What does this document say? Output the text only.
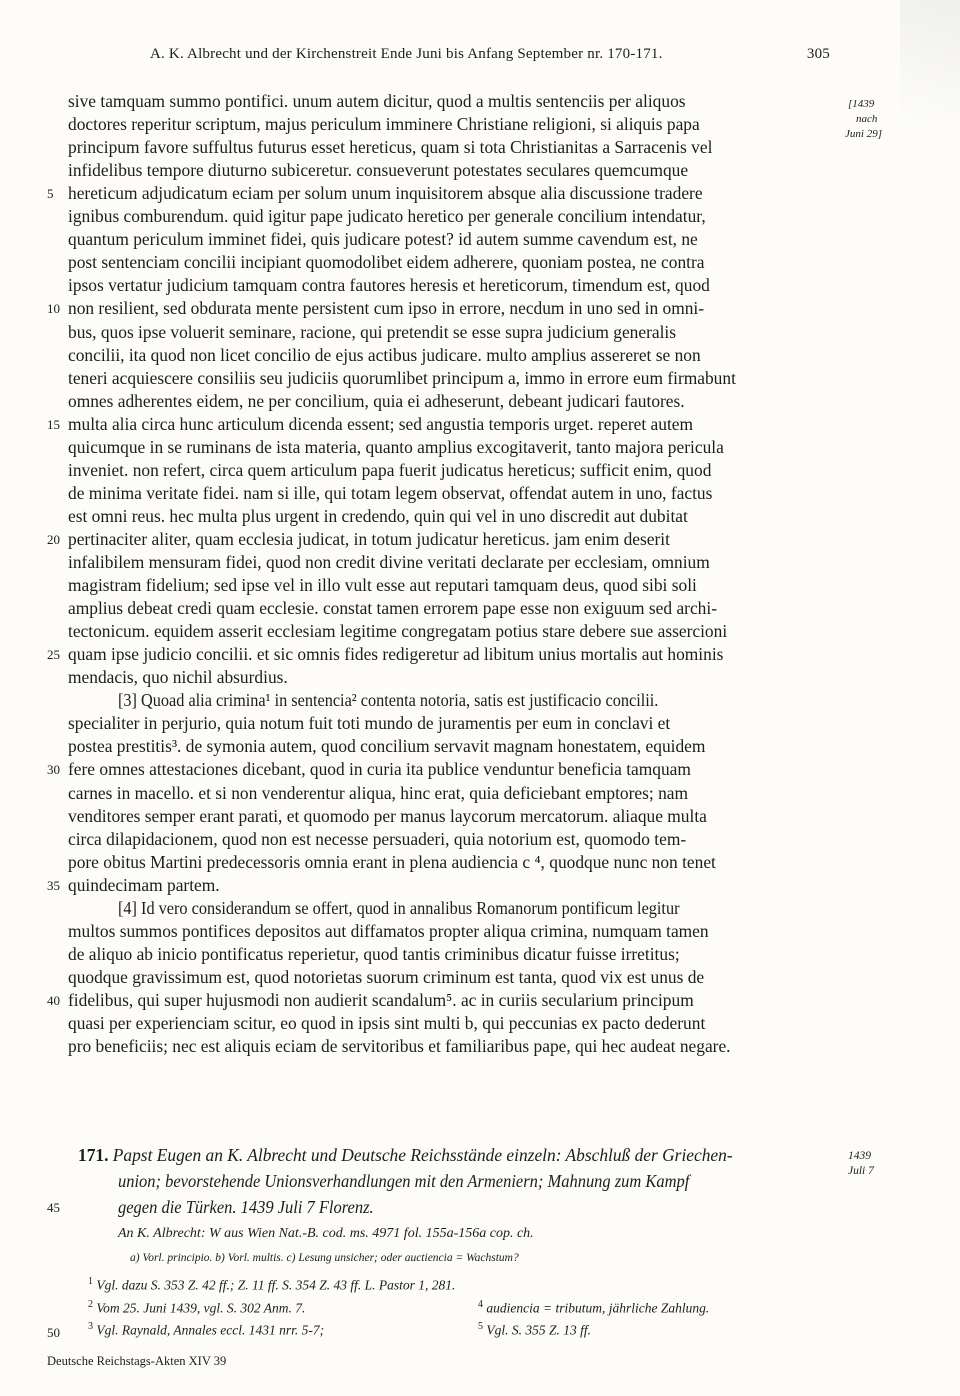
A. K. Albrecht und der Kirchenstreit Ende Juni bis Anfang September nr. 170-171.	305
[1439
nach
Juni 29]
sive tamquam summo pontifici. unum autem dicitur, quod a multis sentenciis per aliquos
doctores reperitur scriptum, majus periculum imminere Christiane religioni, si aliquis papa
principum favore suffultus futurus esset hereticus, quam si tota Christianitas a Sarracenis vel
infidelibus tempore diuturno subiceretur. consueverunt potestates seculares quemcumque
hereticum adjudicatum eciam per solum unum inquisitorem absque alia discussione tradere
ignibus comburendum. quid igitur pape judicato heretico per generale concilium intendatur,
quantum periculum imminet fidei, quis judicare potest? id autem summe cavendum est, ne
post sentenciam concilii incipiant quomodolibet eidem adherere, quoniam postea, ne contra
ipsos vertatur judicium tamquam contra fautores heresis et hereticorum, timendum est, quod
non resilient, sed obdurata mente persistent cum ipso in errore, necdum in uno sed in omni-
bus, quos ipse voluerit seminare, racione, qui pretendit se esse supra judicium generalis
concilii, ita quod non licet concilio de ejus actibus judicare. multo amplius assereret se non
teneri acquiescere consiliis seu judiciis quorumlibet principum a, immo in errore eum firmabunt
omnes adherentes eidem, ne per concilium, quia ei adheserunt, debeant judicari fautores.
multa alia circa hunc articulum dicenda essent; sed angustia temporis urget. reperet autem
quicumque in se ruminans de ista materia, quanto amplius excogitaverit, tanto majora pericula
inveniet. non refert, circa quem articulum papa fuerit judicatus hereticus; sufficit enim, quod
de minima veritate fidei. nam si ille, qui totam legem observat, offendat autem in uno, factus
est omni reus. hec multa plus urgent in credendo, quin qui vel in uno discredit aut dubitat
pertinaciter aliter, quam ecclesia judicat, in totum judicatur hereticus. jam enim deserit
infalibilem mensuram fidei, quod non credit divine veritati declarate per ecclesiam, omnium
magistram fidelium; sed ipse vel in illo vult esse aut reputari tamquam deus, quod sibi soli
amplius debeat credi quam ecclesie. constat tamen errorem pape esse non exiguum sed archi-
tectonicum. equidem asserit ecclesiam legitime congregatam potius stare debere sue assercioni
quam ipse judicio concilii. et sic omnis fides redigeretur ad libitum unius mortalis aut hominis
mendacis, quo nichil absurdius.
[3] Quoad alia crimina¹ in sentencia² contenta notoria, satis est justificacio concilii.
specialiter in perjurio, quia notum fuit toti mundo de juramentis per eum in conclavi et
postea prestitis³. de symonia autem, quod concilium servavit magnam honestatem, equidem
fere omnes attestaciones dicebant, quod in curia ita publice venduntur beneficia tamquam
carnes in macello. et si non venderentur aliqua, hinc erat, quia deficiebant emptores; nam
venditores semper erant parati, et quomodo per manus laycorum mercatorum. aliaque multa
circa dilapidacionem, quod non est necesse persuaderi, quia notorium est, quomodo tem-
pore obitus Martini predecessoris omnia erant in plena audiencia c ⁴, quodque nunc non tenet
quindecimam partem.
[4] Id vero considerandum se offert, quod in annalibus Romanorum pontificum legitur
multos summos pontifices depositos aut diffamatos propter aliqua crimina, numquam tamen
de aliquo ab inicio pontificatus reperietur, quod tantis criminibus dicatur fuisse irretitus;
quodque gravissimum est, quod notorietas suorum criminum est tanta, quod vix est unus de
fidelibus, qui super hujusmodi non audierit scandalum⁵. ac in curiis secularium principum
quasi per experienciam scitur, eo quod in ipsis sint multi b, qui peccunias ex pacto dederunt
pro beneficiis; nec est aliquis eciam de servitoribus et familiaribus pape, qui hec audeat negare.
5
10
15
20
25
30
35
40
45
50
171. Papst Eugen an K. Albrecht und Deutsche Reichsstände einzeln: Abschluß der Griechen-
union; bevorstehende Unionsverhandlungen mit den Armeniern; Mahnung zum Kampf
gegen die Türken. 1439 Juli 7 Florenz.
1439
Juli 7
An K. Albrecht: W aus Wien Nat.-B. cod. ms. 4971 fol. 155a-156a cop. ch.
a) Vorl. principio. b) Vorl. multis. c) Lesung unsicher; oder auctiencia = Wachstum?
$^1$ Vgl. dazu S. 353 Z. 42 ff.; Z. 11 ff. S. 354 Z. 43 ff. L. Pastor 1, 281.
$^2$ Vom 25. Juni 1439, vgl. S. 302 Anm. 7.
$^3$ Vgl. Raynald, Annales eccl. 1431 nrr. 5-7;
$^4$ audiencia = tributum, jährliche Zahlung.
$^5$ Vgl. S. 355 Z. 13 ff.
Deutsche Reichstags-Akten XIV 39
